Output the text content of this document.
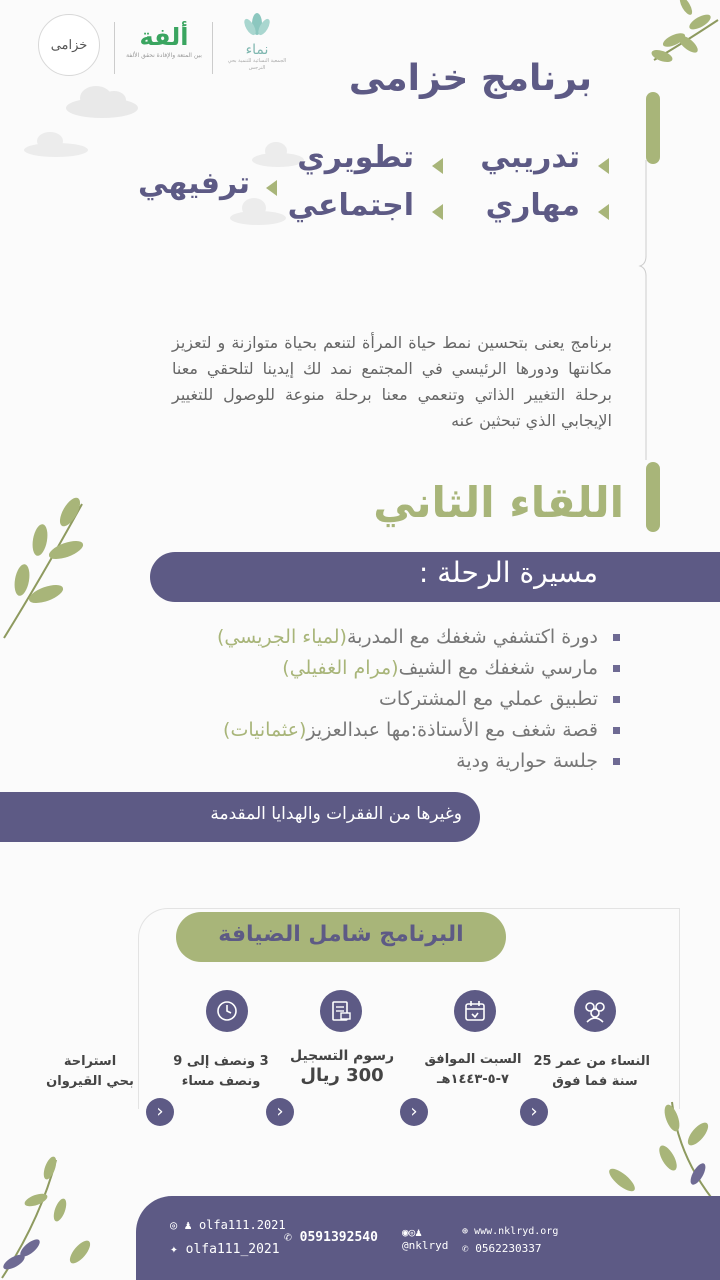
خزامى	ألفة
بين المتعة والإفادة نحقق الألفة	نماء
الجمعية النسائية للتنمية بحي النرجس	برنامج خزامى
تدريبي
تطويري
مهاري
اجتماعي
ترفيهي
برنامج يعنى بتحسين نمط حياة المرأة لتنعم بحياة متوازنة و لتعزيز مكانتها ودورها الرئيسي في المجتمع نمد لك إيدينا لتلحقي معنا برحلة التغيير الذاتي وتنعمي معنا برحلة منوعة للوصول للتغيير الإيجابي الذي تبحثين عنه
اللقاء الثاني
مسيرة الرحلة :
دورة اكتشفي شغفك مع المدربة(لمياء الجريسي)
مارسي شغفك مع الشيف(مرام الغفيلي)
تطبيق عملي مع المشتركات
قصة شغف مع الأستاذة:مها عبدالعزيز(عثمانيات)
جلسة حوارية ودية
وغيرها من الفقرات والهدايا المقدمة
البرنامج شامل الضيافة
النساء من عمر 25
سنة فما فوق
السبت الموافق
٧-٥-١٤٤٣هـ
رسوم التسجيل
300 ريال
3 ونصف إلى 9
ونصف مساء
استراحة
بحي القيروان
‹
‹
‹
‹
◎ ♟ olfa111.2021
✦ olfa111_2021
✆ 0591392540 ◉◎♟
@nklryd
⊕ www.nklryd.org
✆ 0562230337
